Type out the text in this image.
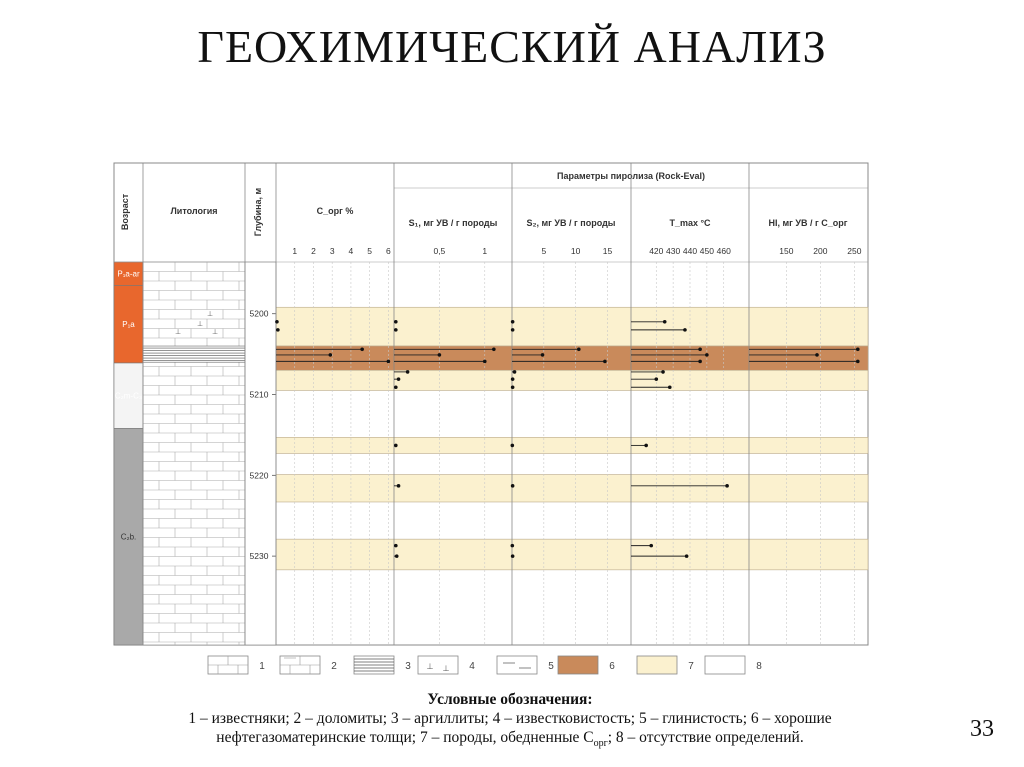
ГЕОХИМИЧЕСКИЙ АНАЛИЗ
P₁a-ar
P₁a
C₂m-C₃
C₂b.
⊥
⊥	⊥
⊥	5200
5210
5220
5230
Параметры пиролиза (Rock-Eval)
Возраст	Литология	Глубина, м	С_орг %
S₁, мг УВ / г породы	S₂, мг УВ / г породы	Т_max °С	HI, мг УВ / г С_орг
1 2 3 4 5 6	0,5	1	5	10	15	420 430 440 450 460	150 200 250
1	2	3 ⊥ ⊥ 4	5	6	7	8
Условные обозначения:
1 – известняки; 2 – доломиты; 3 – аргиллиты; 4 – известковистость; 5 – глинистость; 6 – хорошие
нефтегазоматеринские толщи; 7 – породы, обедненные $С_{орг}$; 8 – отсутствие определений.	33
